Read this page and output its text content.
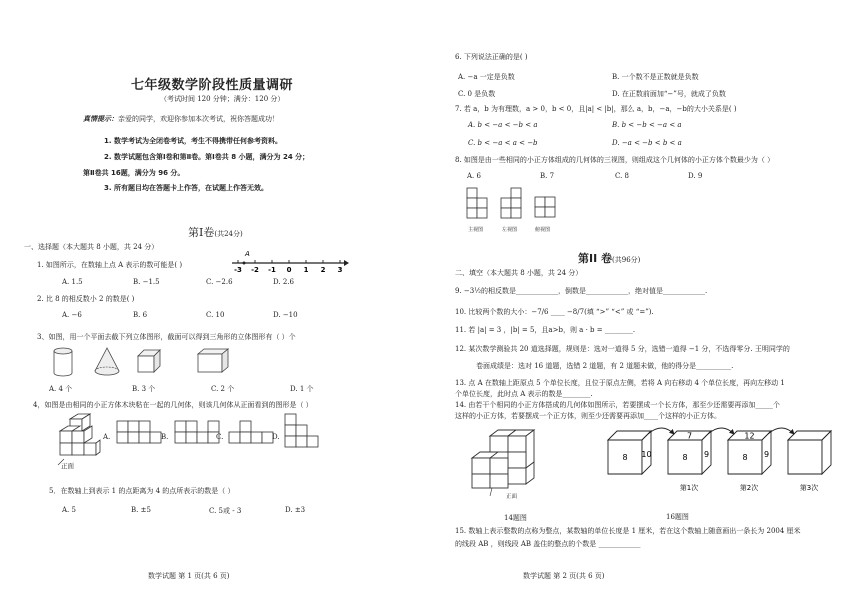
七年级数学阶段性质量调研
（考试时间 120 分钟；满分：120 分）
真情提示：亲爱的同学，欢迎你参加本次考试，祝你答题成功！
1. 数学考试为全闭卷考试，考生不得携带任何参考资料。
2. 数学试题包含第Ⅰ卷和第Ⅱ卷。第Ⅰ卷共 8 小题，满分为 24 分；
第Ⅱ卷共 16题，满分为 96 分。
3. 所有题目均在答题卡上作答，在试题上作答无效。
第Ⅰ卷(共24分)
一、选择题（本大题共 8 小题，共 24 分）
1. 如图所示，在数轴上点 A 表示的数可能是( )
-3 -2 -1 0 1 2 3
A
A. 1.5	B. −1.5	C. −2.6	D. 2.6
2. 比 8 的相反数小 2 的数是( )
A. −6	B. 6	C. 10	D. −10
3、如图，用一个平面去截下列立体图形，截面可以得到三角形的立体图形有（ ）个
A. 4 个	B. 3 个	C. 2 个	D. 1 个
4，如图是由相同的小正方体木块粘在一起的几何体，则该几何体从正面看到的图形是（ ）
正面
A.	B.	C.	D.
5．在数轴上到表示 1 的点距离为 4 的点所表示的数是（ ）
A. 5	B. ±5	C. 5或 - 3	D. ±3
数学试题 第 1 页(共 6 页)
6. 下列说法正确的是( )
A. −a 一定是负数	B. 一个数不是正数就是负数
C. 0 是负数	D. 在正数前面加“−”号，就成了负数
7. 若 a，b 为有理数，a > 0，b < 0，且|a| < |b|，那么 a，b，−a，−b的大小关系是( )
A. b < −a < −b < a	B. b < −b < −a < a
C. b < −a < a < −b	D. −a < −b < b < a
8. 如图是由一些相同的小正方体组成的几何体的三视图，则组成这个几何体的小正方体个数最少为（ ）
A. 6	B. 7	C. 8	D. 9
主视图	左视图	俯视图
第II 卷(共96分)
二、填空（本大题共 8 小题，共 24 分）
9. −3½的相反数是____________，倒数是____________，绝对值是____________.
10. 比较两个数的大小：−7/6 ____ −8/7(填 “>” “<” 或 “=”).
11. 若 |a| = 3 ，|b| = 5，且a>b，则 a · b = ________.
12. 某次数学测验共 20 道选择题，规则是：选对一道得 5 分，选错一道得 −1 分，不选得零分. 王明同学的
卷面成绩是：选对 16 道题，选错 2 道题，有 2 道题未做，他的得分是__________.
13. 点 A 在数轴上距原点 5 个单位长度，且位于原点左侧，若将 A 向右移动 4 个单位长度，再向左移动 1
个单位长度，此时点 A 表示的数是________.
14. 由若干个相同的小正方体搭成的几何体如图所示，若要摆成一个长方体，那至少还需要再添加_____个
这样的小正方体，若要摆成一个正方体，则至少还需要再添加____个这样的小正方体。
正面
14题图
8 10
7
8 9
第1次
12
8 9
第2次	第3次
16题图
15. 数轴上表示整数的点称为整点，某数轴的单位长度是 1 厘米，若在这个数轴上随意画出一条长为 2004 厘米
的线段 AB ，则线段 AB 盖住的整点的个数是 ____________
数学试题 第 2 页(共 6 页)
